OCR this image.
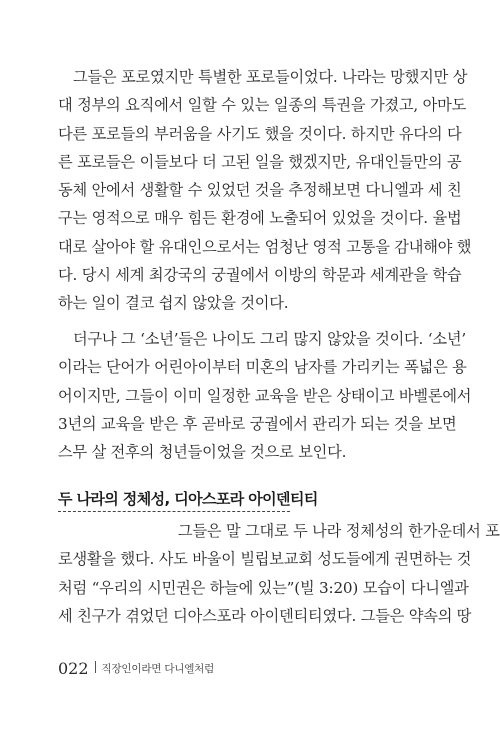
　그들은 포로였지만 특별한 포로들이었다. 나라는 망했지만 상
대 정부의 요직에서 일할 수 있는 일종의 특권을 가졌고, 아마도
다른 포로들의 부러움을 사기도 했을 것이다. 하지만 유다의 다
른 포로들은 이들보다 더 고된 일을 했겠지만, 유대인들만의 공
동체 안에서 생활할 수 있었던 것을 추정해보면 다니엘과 세 친
구는 영적으로 매우 힘든 환경에 노출되어 있었을 것이다. 율법
대로 살아야 할 유대인으로서는 엄청난 영적 고통을 감내해야 했
다. 당시 세계 최강국의 궁궐에서 이방의 학문과 세계관을 학습
하는 일이 결코 쉽지 않았을 것이다.
　더구나 그 ‘소년’들은 나이도 그리 많지 않았을 것이다. ‘소년’
이라는 단어가 어린아이부터 미혼의 남자를 가리키는 폭넓은 용
어이지만, 그들이 이미 일정한 교육을 받은 상태이고 바벨론에서
3년의 교육을 받은 후 곧바로 궁궐에서 관리가 되는 것을 보면
스무 살 전후의 청년들이었을 것으로 보인다.
두 나라의 정체성, 디아스포라 아이덴티티
　　　　　　　　그들은 말 그대로 두 나라 정체성의 한가운데서 포
로생활을 했다. 사도 바울이 빌립보교회 성도들에게 권면하는 것
처럼 “우리의 시민권은 하늘에 있는”(빌 3:20) 모습이 다니엘과
세 친구가 겪었던 디아스포라 아이덴티티였다. 그들은 약속의 땅
022 직장인이라면 다니엘처럼
